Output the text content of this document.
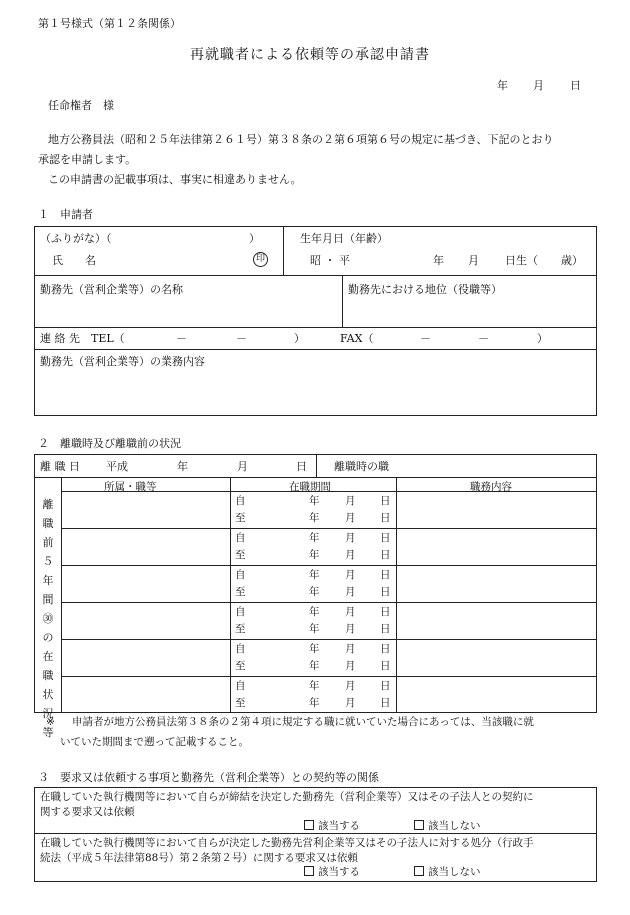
第１号様式（第１２条関係）
再就職者による依頼等の承認申請書
年 月 日
任命権者　様
地方公務員法（昭和２５年法律第２６１号）第３８条の２第６項第６号の規定に基づき、下記のとおり
承認を申請します。
この申請書の記載事項は、事実に相違ありません。
１　申請者
（ふりがな）（	）
氏　　名	印
生年月日（年齢）
昭 ・ 平	年 月 日生（ 歳）
勤務先（営利企業等）の名称	勤務先における地位（役職等）
連 絡 先　TEL（	－	－	）	FAX（	－	－	）
勤務先（営利企業等）の業務内容
２　離職時及び離職前の状況
離 職 日 平成	年	月	日 離職時の職
所属・職等	在職期間	職務内容
離
職
前
５
年
間
㉚
の
在
職
状
況
等
自	年 月 日
至	年 月 日
自	年 月 日
至	年 月 日
自	年 月 日
至	年 月 日
自	年 月 日
至	年 月 日
自	年 月 日
至	年 月 日
自	年 月 日
至	年 月 日
※ 申請者が地方公務員法第３８条の２第４項に規定する職に就いていた場合にあっては、当該職に就
いていた期間まで遡って記載すること。
３　要求又は依頼する事項と勤務先（営利企業等）との契約等の関係
在職していた執行機関等において自らが締結を決定した勤務先（営利企業等）又はその子法人との契約に
関する要求又は依頼
該当する	該当しない
在職していた執行機関等において自らが決定した勤務先営利企業等又はその子法人に対する処分（行政手
続法（平成５年法律第88号）第２条第２号）に関する要求又は依頼
該当する	該当しない
